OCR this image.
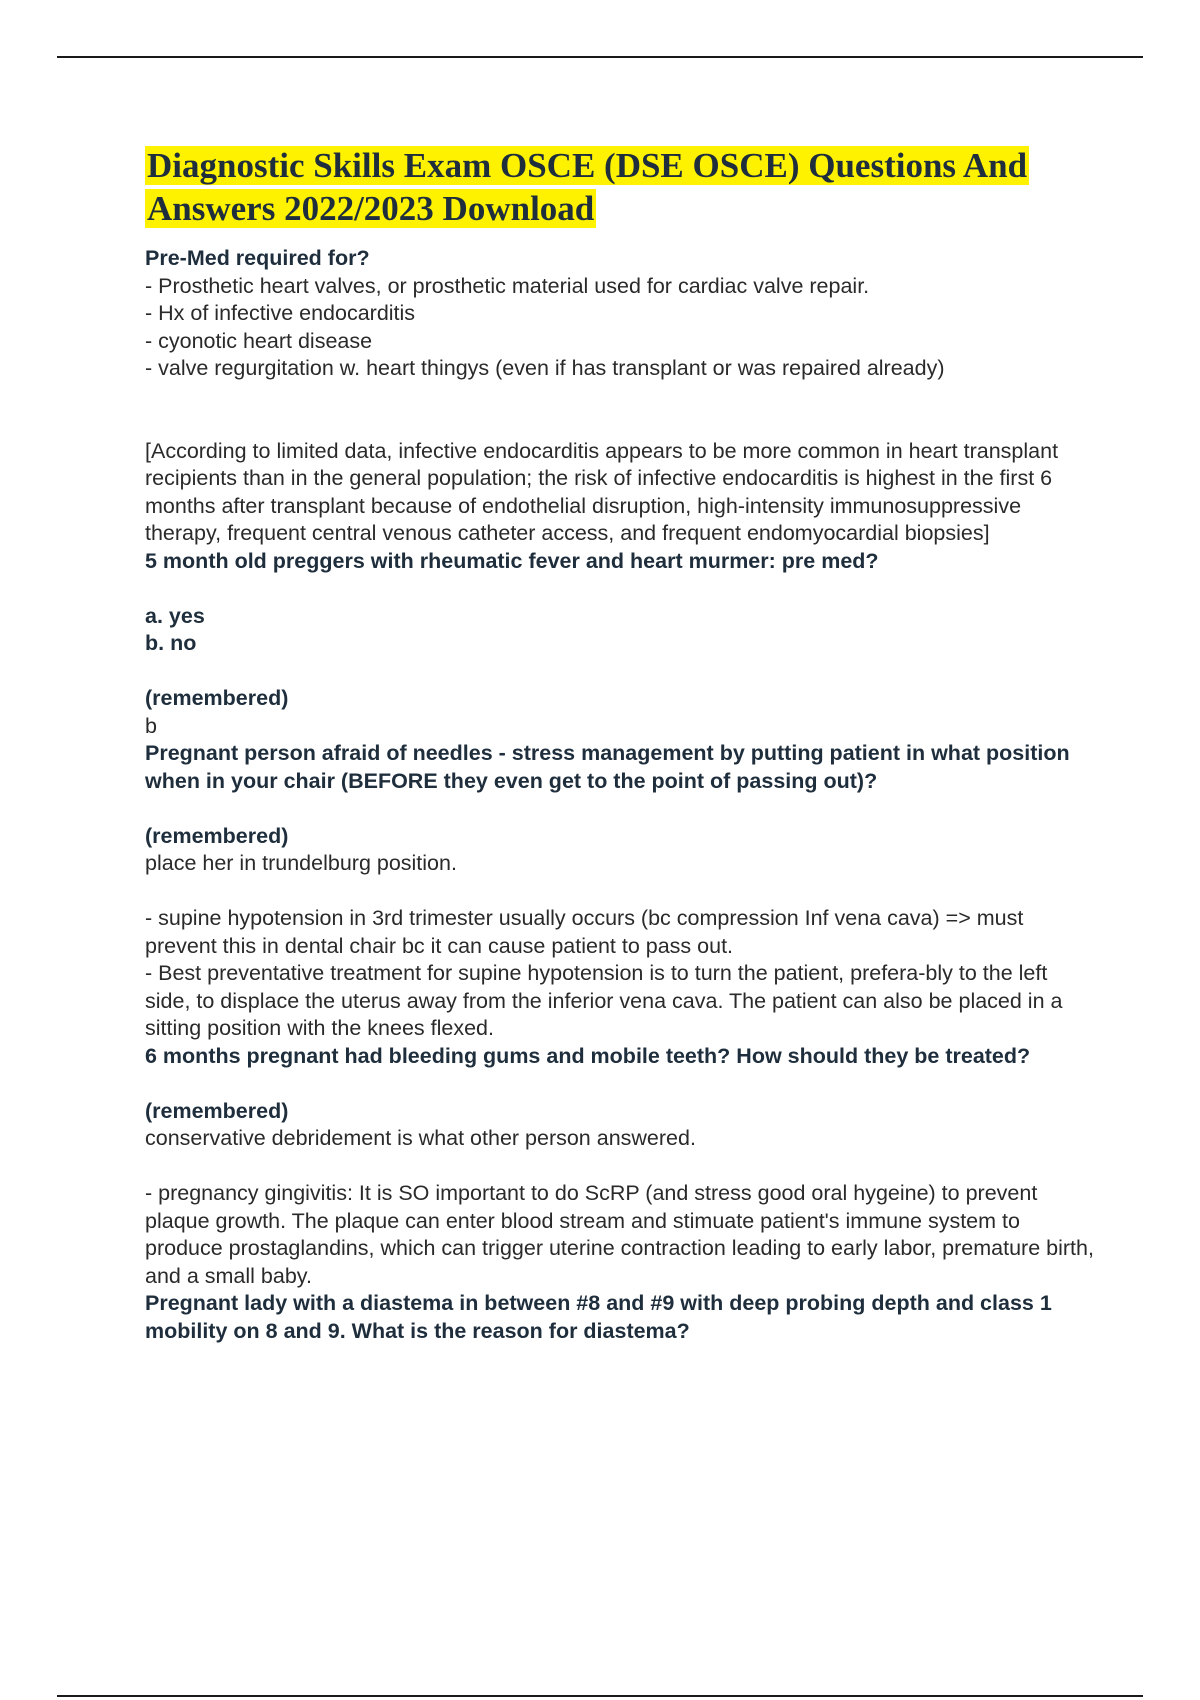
Diagnostic Skills Exam OSCE (DSE OSCE) Questions And Answers 2022/2023 Download
Pre-Med required for?
- Prosthetic heart valves, or prosthetic material used for cardiac valve repair.
- Hx of infective endocarditis
- cyonotic heart disease
- valve regurgitation w. heart thingys (even if has transplant or was repaired already)
[According to limited data, infective endocarditis appears to be more common in heart transplant recipients than in the general population; the risk of infective endocarditis is highest in the first 6 months after transplant because of endothelial disruption, high-intensity immunosuppressive therapy, frequent central venous catheter access, and frequent endomyocardial biopsies]
5 month old preggers with rheumatic fever and heart murmer: pre med?
a. yes
b. no
(remembered)
b
Pregnant person afraid of needles - stress management by putting patient in what position when in your chair (BEFORE they even get to the point of passing out)?
(remembered)
place her in trundelburg position.
- supine hypotension in 3rd trimester usually occurs (bc compression Inf vena cava) => must prevent this in dental chair bc it can cause patient to pass out.
- Best preventative treatment for supine hypotension is to turn the patient, prefera-bly to the left side, to displace the uterus away from the inferior vena cava. The patient can also be placed in a sitting position with the knees flexed.
6 months pregnant had bleeding gums and mobile teeth? How should they be treated?
(remembered)
conservative debridement is what other person answered.
- pregnancy gingivitis: It is SO important to do ScRP (and stress good oral hygeine) to prevent plaque growth. The plaque can enter blood stream and stimuate patient's immune system to produce prostaglandins, which can trigger uterine contraction leading to early labor, premature birth, and a small baby.
Pregnant lady with a diastema in between #8 and #9 with deep probing depth and class 1 mobility on 8 and 9. What is the reason for diastema?
